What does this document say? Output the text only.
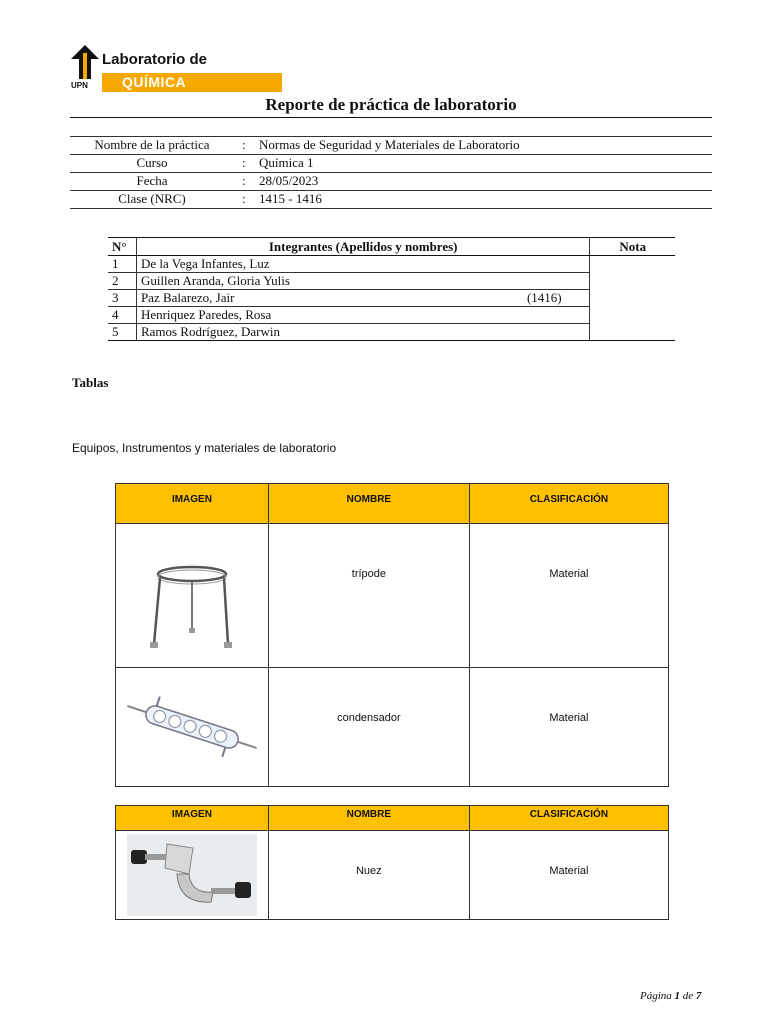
UPN
Laboratorio de
QUÍMICA
Reporte de práctica de laboratorio
Nombre de la práctica	: Normas de Seguridad y Materiales de Laboratorio
Curso	: Química 1
Fecha	: 28/05/2023
Clase (NRC)	: 1415 - 1416
N°	Integrantes (Apellidos y nombres)	Nota
1	De la Vega Infantes, Luz	
2	Guillen Aranda, Gloria Yulis	
3	Paz Balarezo, Jair (1416)	

4	Henriquez Paredes, Rosa	
5	Ramos Rodríguez, Darwin	
Tablas
Equipos, Instrumentos y materiales de laboratorio
IMAGEN	NOMBRE	CLASIFICACIÓN

trípode	Material

condensador	Material
IMAGEN	NOMBRE	CLASIFICACIÓN

Nuez	Material
Página 1 de 7
